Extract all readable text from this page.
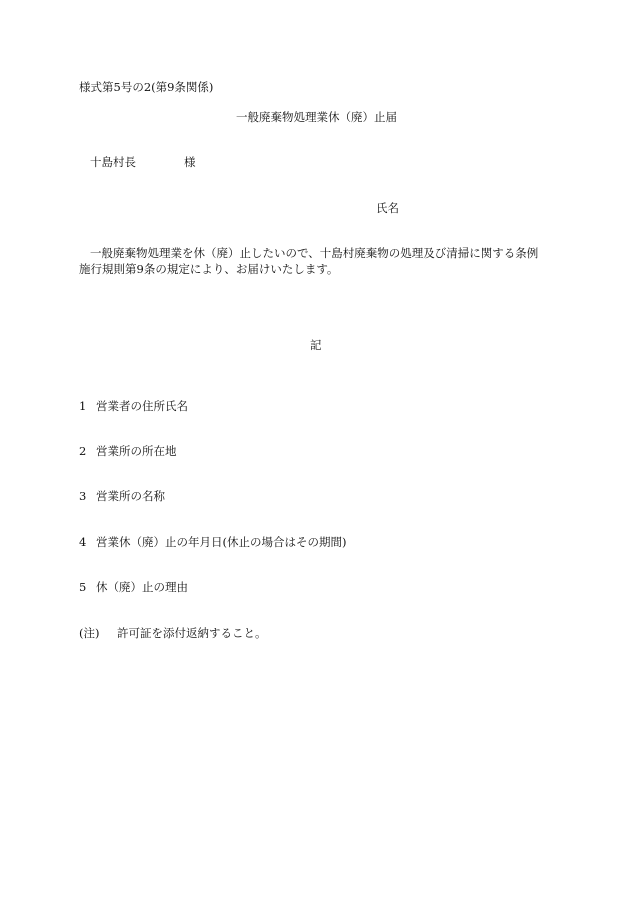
様式第5号の2(第9条関係)
一般廃棄物処理業休（廃）止届
十島村長	様
氏名
一般廃棄物処理業を休（廃）止したいので、十島村廃棄物の処理及び清掃に関する条例
施行規則第9条の規定により、お届けいたします。
記
1 営業者の住所氏名
2 営業所の所在地
3 営業所の名称
4 営業休（廃）止の年月日(休止の場合はその期間)
5 休（廃）止の理由
(注) 許可証を添付返納すること。
